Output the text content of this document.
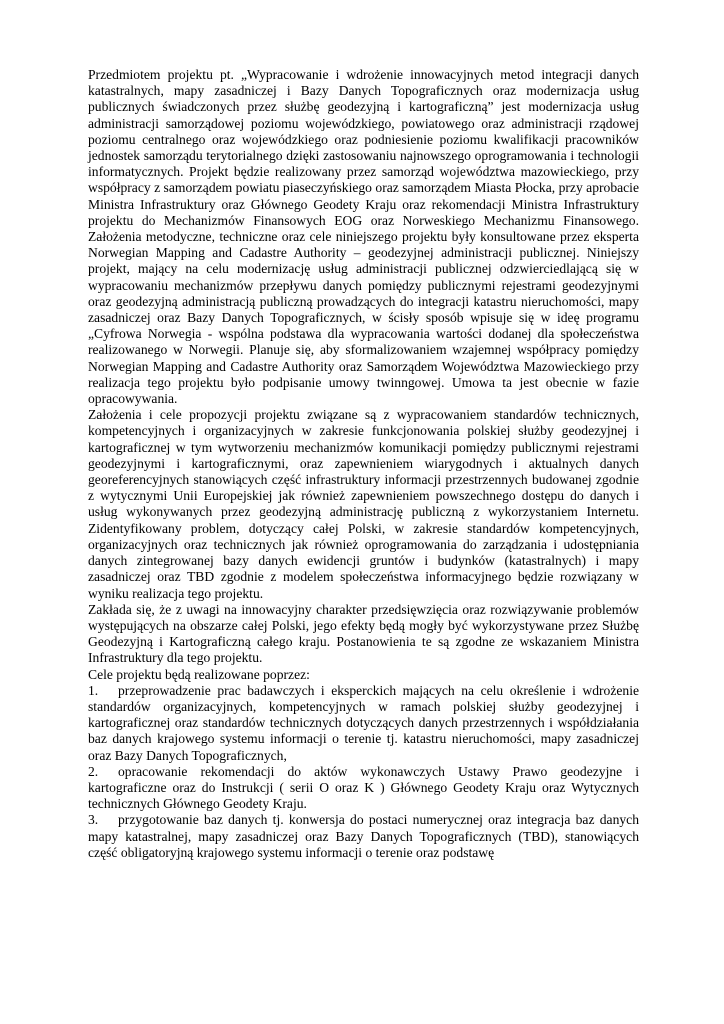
Przedmiotem projektu pt. „Wypracowanie i wdrożenie innowacyjnych metod integracji danych katastralnych, mapy zasadniczej i Bazy Danych Topograficznych oraz modernizacja usług publicznych świadczonych przez służbę geodezyjną i kartograficzną” jest modernizacja usług administracji samorządowej poziomu wojewódzkiego, powiatowego oraz administracji rządowej poziomu centralnego oraz wojewódzkiego oraz podniesienie poziomu kwalifikacji pracowników jednostek samorządu terytorialnego dzięki zastosowaniu najnowszego oprogramowania i technologii informatycznych. Projekt będzie realizowany przez samorząd województwa mazowieckiego, przy współpracy z samorządem powiatu piaseczyńskiego oraz samorządem Miasta Płocka, przy aprobacie Ministra Infrastruktury oraz Głównego Geodety Kraju oraz rekomendacji Ministra Infrastruktury projektu do Mechanizmów Finansowych EOG oraz Norweskiego Mechanizmu Finansowego. Założenia metodyczne, techniczne oraz cele niniejszego projektu były konsultowane przez eksperta Norwegian Mapping and Cadastre Authority – geodezyjnej administracji publicznej. Niniejszy projekt, mający na celu modernizację usług administracji publicznej odzwierciedlającą się w wypracowaniu mechanizmów przepływu danych pomiędzy publicznymi rejestrami geodezyjnymi oraz geodezyjną administracją publiczną prowadzących do integracji katastru nieruchomości, mapy zasadniczej oraz Bazy Danych Topograficznych, w ścisły sposób wpisuje się w ideę programu „Cyfrowa Norwegia - wspólna podstawa dla wypracowania wartości dodanej dla społeczeństwa realizowanego w Norwegii. Planuje się, aby sformalizowaniem wzajemnej współpracy pomiędzy Norwegian Mapping and Cadastre Authority oraz Samorządem Województwa Mazowieckiego przy realizacja tego projektu było podpisanie umowy twinngowej. Umowa ta jest obecnie w fazie opracowywania.

Założenia i cele propozycji projektu związane są z wypracowaniem standardów technicznych, kompetencyjnych i organizacyjnych w zakresie funkcjonowania polskiej służby geodezyjnej i kartograficznej w tym wytworzeniu mechanizmów komunikacji pomiędzy publicznymi rejestrami geodezyjnymi i kartograficznymi, oraz zapewnieniem wiarygodnych i aktualnych danych georeferencyjnych stanowiących część infrastruktury informacji przestrzennych budowanej zgodnie z wytycznymi Unii Europejskiej jak również zapewnieniem powszechnego dostępu do danych i usług wykonywanych przez geodezyjną administrację publiczną z wykorzystaniem Internetu. Zidentyfikowany problem, dotyczący całej Polski, w zakresie standardów kompetencyjnych, organizacyjnych oraz technicznych jak również oprogramowania do zarządzania i udostępniania danych zintegrowanej bazy danych ewidencji gruntów i budynków (katastralnych) i mapy zasadniczej oraz TBD zgodnie z modelem społeczeństwa informacyjnego będzie rozwiązany w wyniku realizacja tego projektu.

Zakłada się, że z uwagi na innowacyjny charakter przedsięwzięcia oraz rozwiązywanie problemów występujących na obszarze całej Polski, jego efekty będą mogły być wykorzystywane przez Służbę Geodezyjną i Kartograficzną całego kraju. Postanowienia te są zgodne ze wskazaniem Ministra Infrastruktury dla tego projektu.

Cele projektu będą realizowane poprzez:

1. przeprowadzenie prac badawczych i eksperckich mających na celu określenie i wdrożenie standardów organizacyjnych, kompetencyjnych w ramach polskiej służby geodezyjnej i kartograficznej oraz standardów technicznych dotyczących danych przestrzennych i współdziałania baz danych krajowego systemu informacji o terenie tj. katastru nieruchomości, mapy zasadniczej oraz Bazy Danych Topograficznych,

2. opracowanie rekomendacji do aktów wykonawczych Ustawy Prawo geodezyjne i kartograficzne oraz do Instrukcji ( serii O oraz K ) Głównego Geodety Kraju oraz Wytycznych technicznych Głównego Geodety Kraju.

3. przygotowanie baz danych tj. konwersja do postaci numerycznej oraz integracja baz danych mapy katastralnej, mapy zasadniczej oraz Bazy Danych Topograficznych (TBD), stanowiących część obligatoryjną krajowego systemu informacji o terenie oraz podstawę
